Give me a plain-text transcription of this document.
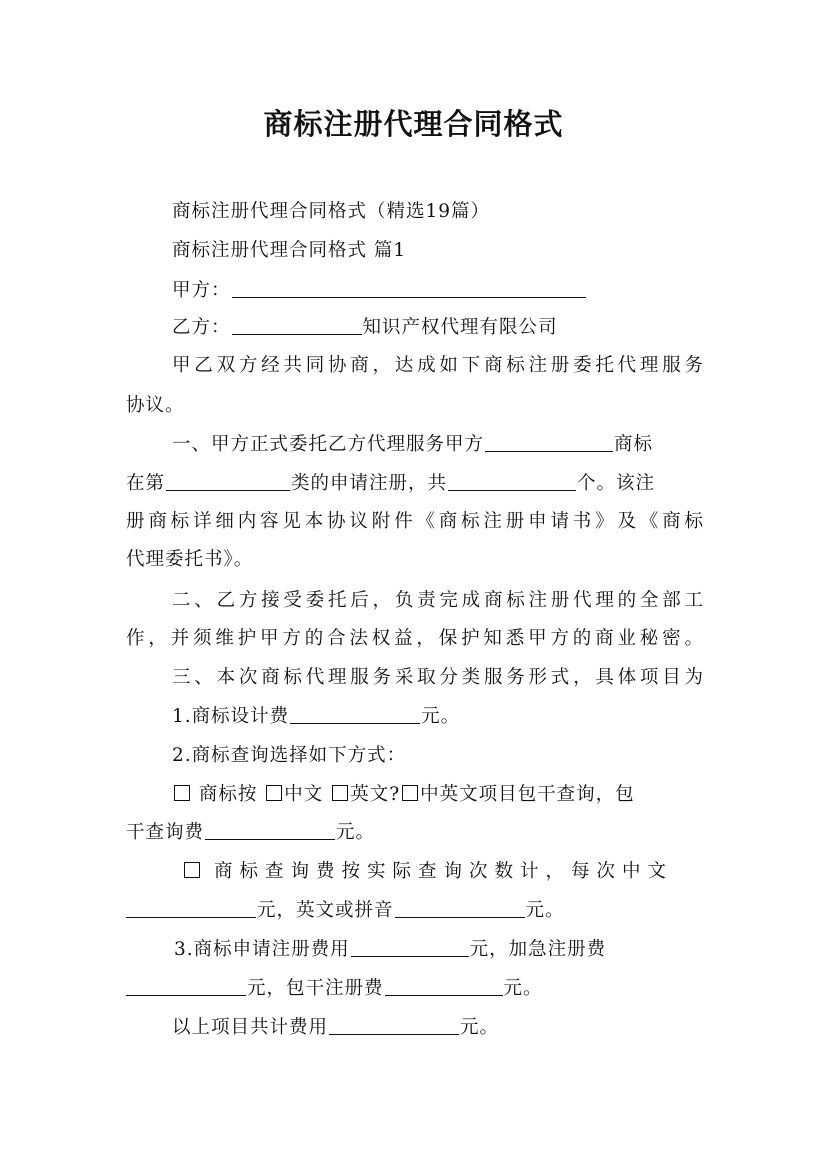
商标注册代理合同格式
商标注册代理合同格式（精选19篇）
商标注册代理合同格式 篇1
甲方：
乙方：	知识产权代理有限公司
甲乙双方经共同协商，达成如下商标注册委托代理服务
协议。
一、甲方正式委托乙方代理服务甲方	商标
在第	类的申请注册，共	个。该注
册商标详细内容见本协议附件《商标注册申请书》及《商标
代理委托书》。
二、乙方接受委托后，负责完成商标注册代理的全部工
作，并须维护甲方的合法权益，保护知悉甲方的商业秘密。
三、本次商标代理服务采取分类服务形式，具体项目为
1.商标设计费	元。
2.商标查询选择如下方式：
商标按 中文 英文? 中英文项目包干查询，包
干查询费	元。
商标查询费按实际查询次数计，每次中文
元，英文或拼音	元。
3.商标申请注册费用	元，加急注册费
元，包干注册费	元。
以上项目共计费用	元。
